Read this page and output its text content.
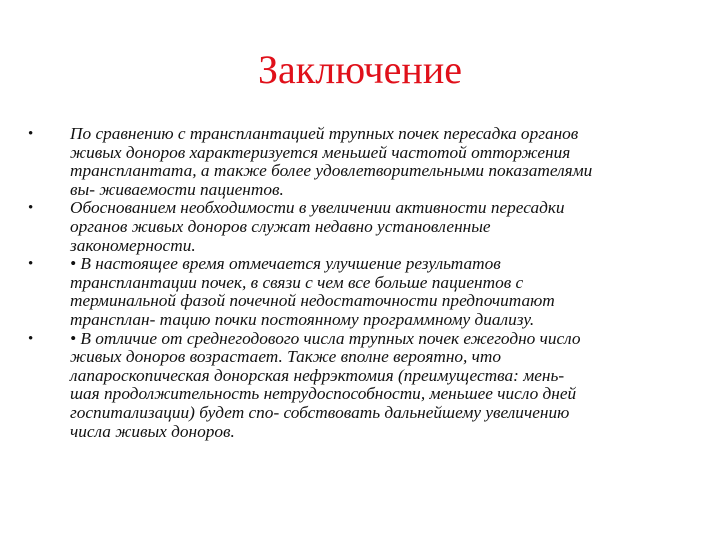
Заключение
• По сравнению с трансплантацией трупных почек пересадка органов
живых доноров характеризуется меньшей частотой отторжения
трансплантата, а также более удовлетворительными показателями
вы- живаемости пациентов.
• Обоснованием необходимости в увеличении активности пересадки
органов живых доноров служат недавно установленные
закономерности.
• • В настоящее время отмечается улучшение результатов
трансплантации почек, в связи с чем все больше пациентов с
терминальной фазой почечной недостаточности предпочитают
трансплан- тацию почки постоянному программному диализу.
• • В отличие от среднегодового числа трупных почек ежегодно число
живых доноров возрастает. Также вполне вероятно, что
лапароскопическая донорская нефрэктомия (преимущества: мень-
шая продолжительность нетрудоспособности, меньшее число дней
госпитализации) будет спо- собствовать дальнейшему увеличению
числа живых доноров.
